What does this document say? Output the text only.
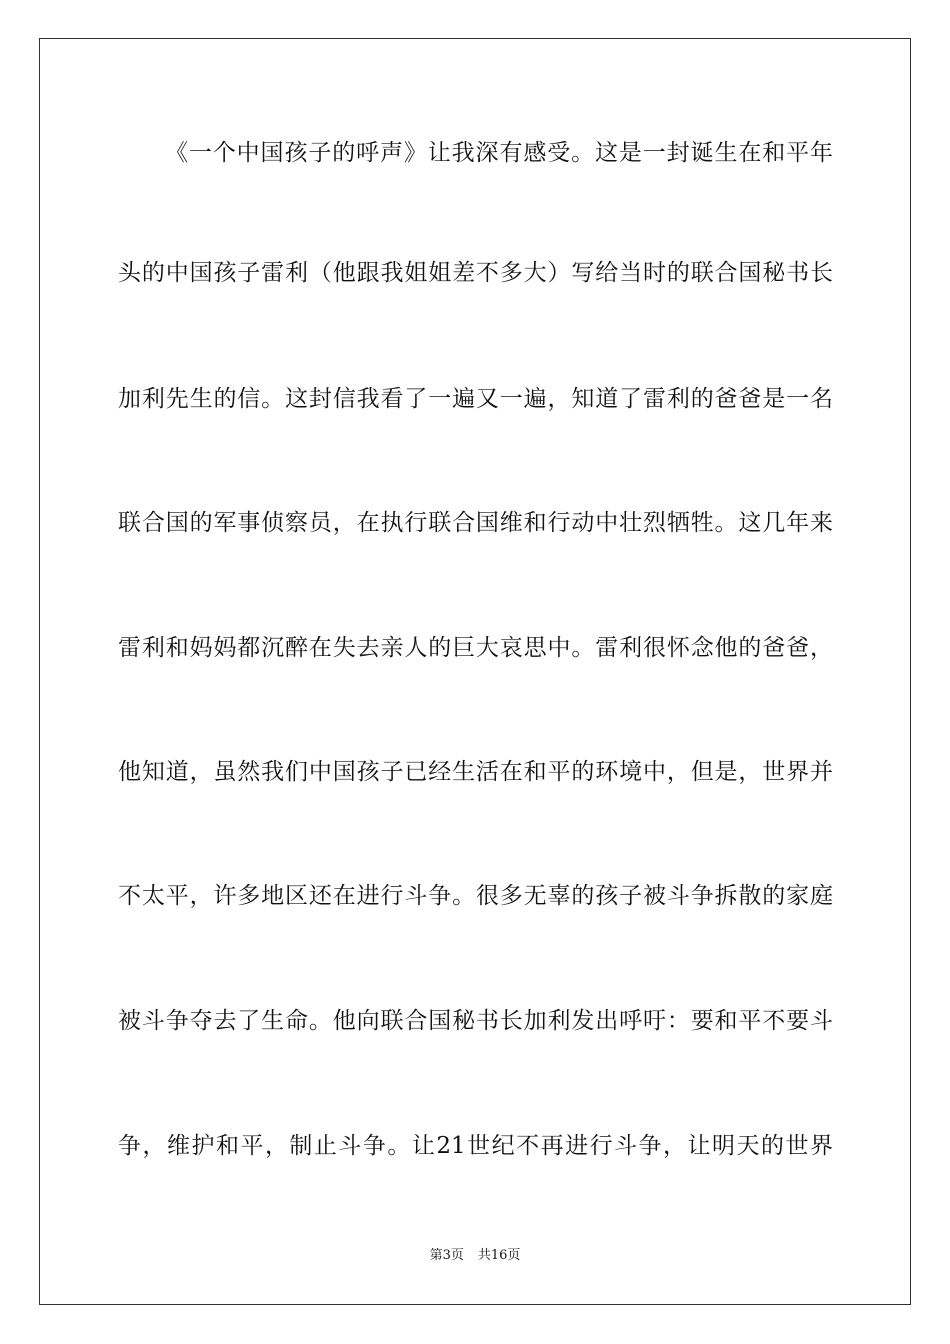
《一个中国孩子的呼声》让我深有感受。这是一封诞生在和平年
头的中国孩子雷利（他跟我姐姐差不多大）写给当时的联合国秘书长
加利先生的信。这封信我看了一遍又一遍，知道了雷利的爸爸是一名
联合国的军事侦察员，在执行联合国维和行动中壮烈牺牲。这几年来
雷利和妈妈都沉醉在失去亲人的巨大哀思中。雷利很怀念他的爸爸，
他知道，虽然我们中国孩子已经生活在和平的环境中，但是，世界并
不太平，许多地区还在进行斗争。很多无辜的孩子被斗争拆散的家庭
被斗争夺去了生命。他向联合国秘书长加利发出呼吁：要和平不要斗
争，维护和平，制止斗争。让21世纪不再进行斗争，让明天的世界
第3页 共16页
